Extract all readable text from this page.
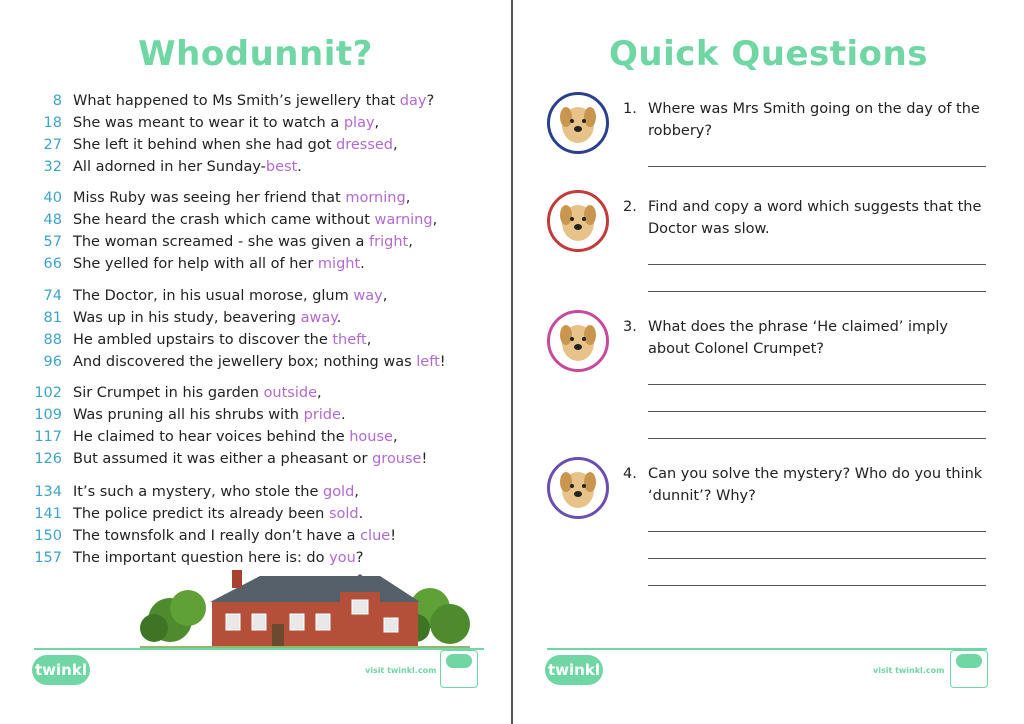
Whodunnit?
8 What happened to Ms Smith’s jewellery that day?
18 She was meant to wear it to watch a play,
27 She left it behind when she had got dressed,
32 All adorned in her Sunday-best.
40 Miss Ruby was seeing her friend that morning,
48 She heard the crash which came without warning,
57 The woman screamed - she was given a fright,
66 She yelled for help with all of her might.
74 The Doctor, in his usual morose, glum way,
81 Was up in his study, beavering away.
88 He ambled upstairs to discover the theft,
96 And discovered the jewellery box; nothing was left!
102 Sir Crumpet in his garden outside,
109 Was pruning all his shrubs with pride.
117 He claimed to hear voices behind the house,
126 But assumed it was either a pheasant or grouse!
134 It’s such a mystery, who stole the gold,
141 The police predict its already been sold.
150 The townsfolk and I really don’t have a clue!
157 The important question here is: do you?
twinkl	visit twinkl.com
Quick Questions
1. Where was Mrs Smith going on the day of the robbery?
2. Find and copy a word which suggests that the Doctor was slow.
3. What does the phrase ‘He claimed’ imply about Colonel Crumpet?
4. Can you solve the mystery? Who do you think ‘dunnit’? Why?
twinkl	visit twinkl.com
